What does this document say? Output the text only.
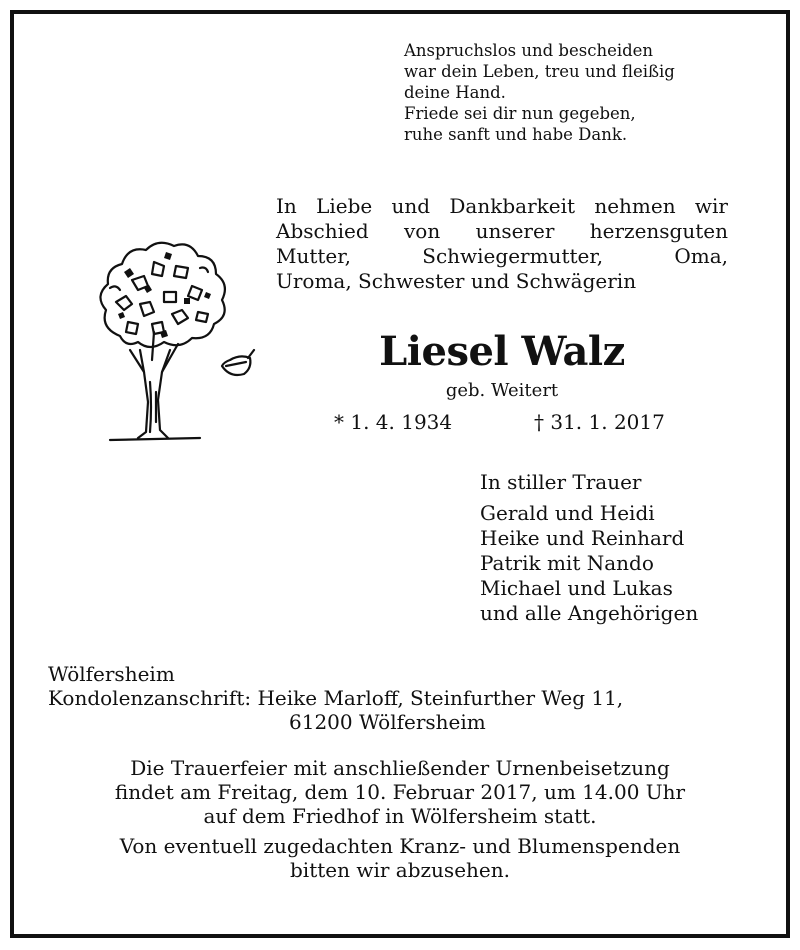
Anspruchslos und bescheiden
war dein Leben, treu und fleißig
deine Hand.
Friede sei dir nun gegeben,
ruhe sanft und habe Dank.
In Liebe und Dankbarkeit nehmen wir
Abschied von unserer herzensguten
Mutter, Schwiegermutter, Oma,
Uroma, Schwester und Schwägerin
Liesel Walz
geb. Weitert
* 1. 4. 1934	† 31. 1. 2017
In stiller Trauer
Gerald und Heidi
Heike und Reinhard
Patrik mit Nando
Michael und Lukas
und alle Angehörigen
Wölfersheim
Kondolenzanschrift: Heike Marloff, Steinfurther Weg 11,
61200 Wölfersheim
Die Trauerfeier mit anschließender Urnenbeisetzung
findet am Freitag, dem 10. Februar 2017, um 14.00 Uhr
auf dem Friedhof in Wölfersheim statt.
Von eventuell zugedachten Kranz- und Blumenspenden
bitten wir abzusehen.
